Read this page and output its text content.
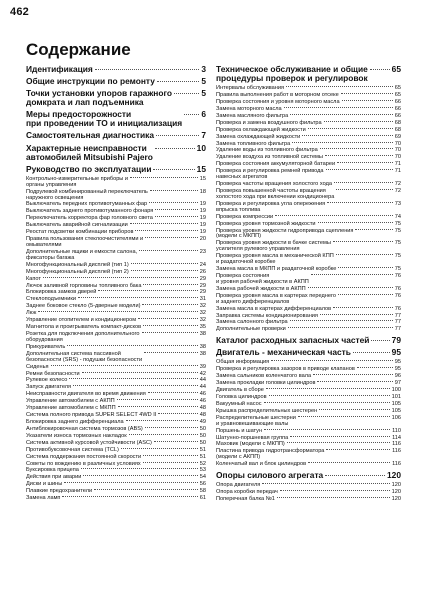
462
Содержание
Идентификация	3
Общие инструкции по ремонту	5
Точки установки упоров гаражного
домкрата и лап подъемника
5
Меры предосторожности
при проведении ТО и инициализация
6
Самостоятельная диагностика	7
Характерные неисправности
автомобилей Mitsubishi Pajero
10
Руководство по эксплуатации	15
Контрольно-измерительные приборы и
органы управления
15
Подрулевой комбинированный переключатель
наружного освещения
18
Выключатель передних противотуманных фар	19
Выключатель заднего противотуманного фонаря	19
Переключатель корректора фар головного света	19
Выключатель аварийной сигнализации	19
Реостат подсветки комбинации приборов	19
Правила пользования стеклоочистителями и
омывателями
20
Дополнительные ящики и емкости салона,
фиксаторы багажа
23
Многофункциональный дисплей (тип 1)	24
Многофункциональный дисплей (тип 2)	26
Капот	29
Лючок заливной горловины топливного бака	29
Блокировка замков дверей	29
Стеклоподъемники	31
Заднее боковое стекло (5-дверные модели)	32
Люк	32
Управление отопителем и кондиционером	32
Магнитола и проигрыватель компакт-дисков	35
Розетка для подключения дополнительного
оборудования
38
Прикуриватель	38
Дополнительная система пассивной
безопасности (SRS) - подушки безопасности
38
Сиденья	39
Ремни безопасности	42
Рулевое колесо	44
Запуск двигателя	44
Неисправности двигателя во время движения	46
Управление автомобилем с АКПП	46
Управление автомобилем с МКПП	48
Система полного привода SUPER SELECT 4WD II	48
Блокировка заднего дифференциала	49
Антиблокировочная система тормозов (ABS)	50
Указатели износа тормозных накладок	50
Система активной курсовой устойчивости (ASC)	50
Противобуксовочная система (TCL)	51
Система поддержания постоянной скорости	51
Советы по вождению в различных условиях	52
Буксировка прицепа	53
Действия при аварии	54
Диски и шины	56
Плавкие предохранители	58
Замена ламп	61
Техническое обслуживание и общие
процедуры проверок и регулировок
65
Интервалы обслуживания	65
Правила выполнения работ в моторном отсеке	65
Проверка состояния и уровня моторного масла	66
Замена моторного масла	66
Замена масляного фильтра	66
Проверка и замена воздушного фильтра	68
Проверка охлаждающей жидкости	68
Замена охлаждающей жидкости	69
Замена топливного фильтра	70
Удаление воды из топливного фильтра	70
Удаление воздуха из топливной системы	70
Проверка состояния аккумуляторной батареи	71
Проверка и регулировка ремней привода
навесных агрегатов
71
Проверка частоты вращения холостого хода	72
Проверка повышенной частоты вращения
холостого хода при включении кондиционера
72
Проверка и регулировка угла опережения
впрыска топлива
73
Проверка компрессии	74
Проверка уровня тормозной жидкости	75
Проверка уровня жидкости гидропривода сцепления
(модели с МКПП)
75
Проверка уровня жидкости в бачке системы
усилителя рулевого управления
75
Проверка уровня масла в механической КПП
и раздаточной коробке
75
Замена масла в МКПП и раздаточной коробке	75
Проверка состояния
и уровня рабочей жидкости в АКПП
76
Замена рабочей жидкости в АКПП	76
Проверка уровня масла в картерах переднего
и заднего дифференциалов
76
Замена масла в картерах дифференциалов	76
Заправка системы кондиционирования	77
Замена салонного фильтра	77
Дополнительные проверки	77
Каталог расходных запасных частей	79
Двигатель - механическая часть	95
Общая информация	95
Проверка и регулировка зазоров в приводе клапанов	95
Замена сальников коленчатого вала	96
Замена прокладки головки цилиндров	97
Двигатель в сборе	100
Головка цилиндров	101
Вакуумный насос	105
Крышка распределительных шестерен	105
Распределительные шестерни
и уравновешивающие валы
106
Поршень и шатун	110
Шатунно-поршневая группа	114
Маховик (модели с МКПП)	116
Пластина привода гидротрансформатора
(модели с АКПП)
116
Коленчатый вал и блок цилиндров	116
Опоры силового агрегата	120
Опора двигателя	120
Опора коробки передач	120
Поперечная балка №1	120
